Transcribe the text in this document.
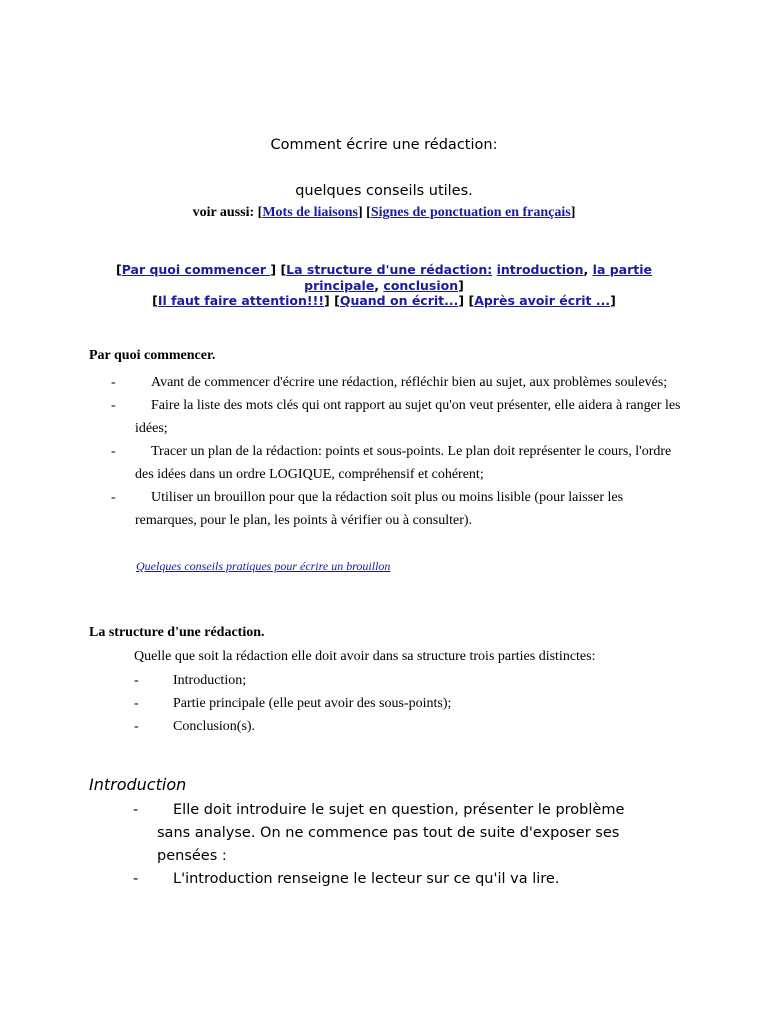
Comment écrire une rédaction:
quelques conseils utiles.
voir aussi: [Mots de liaisons] [Signes de ponctuation en français]
[Par quoi commencer ] [La structure d'une rédaction: introduction, la partie principale, conclusion]
[Il faut faire attention!!!] [Quand on écrit...] [Après avoir écrit ...]
Par quoi commencer.
-	Avant de commencer d'écrire une rédaction, réfléchir bien au sujet, aux problèmes soulevés;
-	Faire la liste des mots clés qui ont rapport au sujet qu'on veut présenter, elle aidera à ranger les idées;
-	Tracer un plan de la rédaction: points et sous-points. Le plan doit représenter le cours, l'ordre des idées dans un ordre LOGIQUE, compréhensif et cohérent;
-	Utiliser un brouillon pour que la rédaction soit plus ou moins lisible (pour laisser les remarques, pour le plan, les points à vérifier ou à consulter).
Quelques conseils pratiques pour écrire un brouillon
La structure d'une rédaction.
Quelle que soit la rédaction elle doit avoir dans sa structure trois parties distinctes:
- Introduction;
- Partie principale (elle peut avoir des sous-points);
- Conclusion(s).
Introduction
-	Elle doit introduire le sujet en question, présenter le problème sans analyse. On ne commence pas tout de suite d'exposer ses pensées :
-	L'introduction renseigne le lecteur sur ce qu'il va lire.
